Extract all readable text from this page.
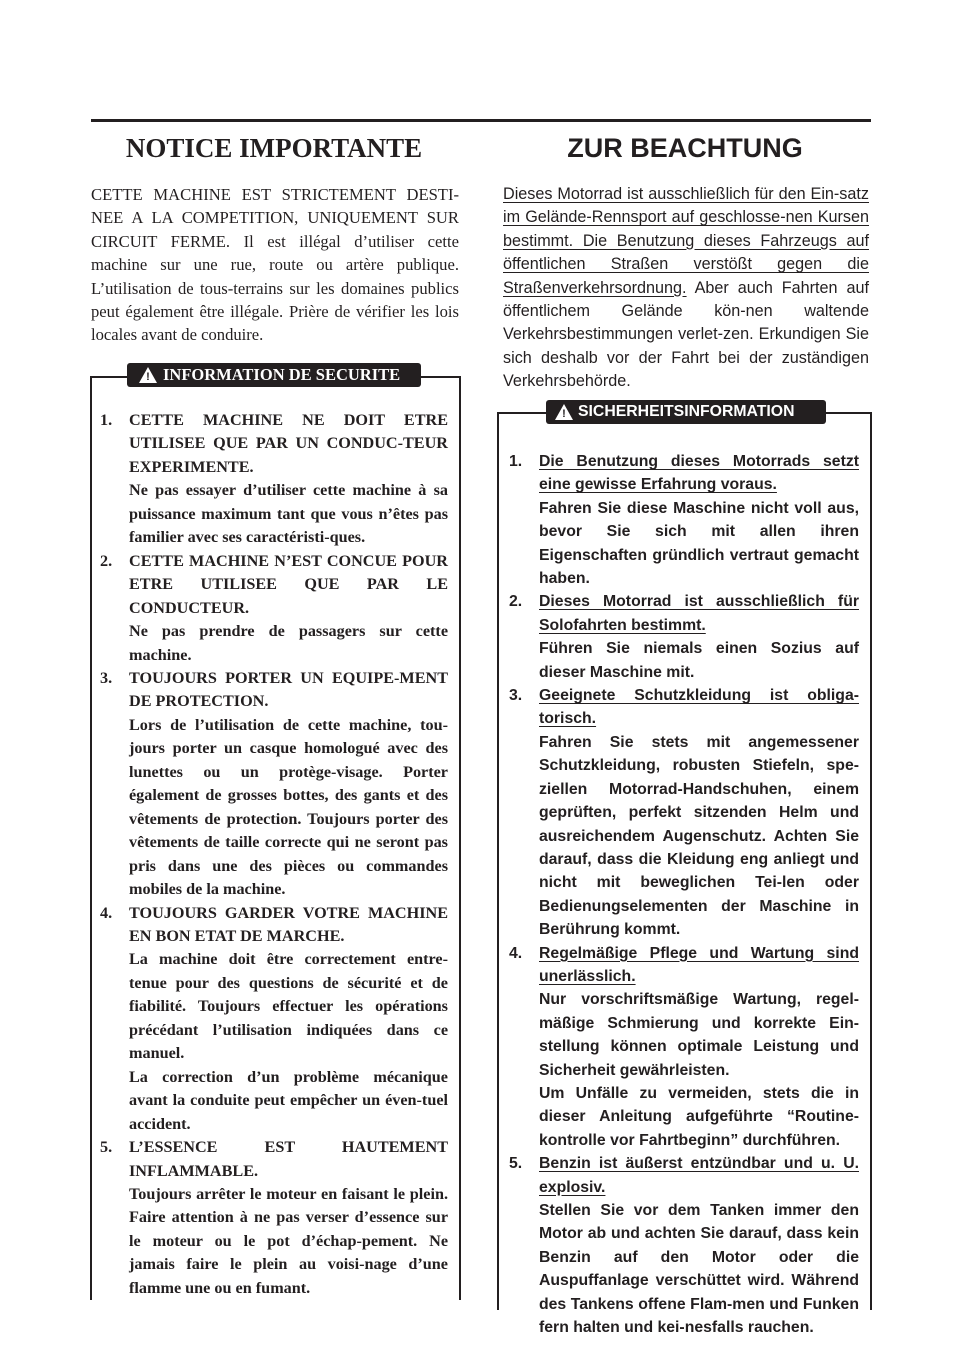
NOTICE IMPORTANTE	ZUR BEACHTUNG

CETTE MACHINE EST STRICTEMENT DESTI-NEE A LA COMPETITION, UNIQUEMENT SUR CIRCUIT FERME. Il est illégal d’utiliser cette machine sur une rue, route ou artère publique. L’utilisation de tous-terrains sur les domaines publics peut également être illégale. Prière de vérifier les lois locales avant de conduire.

Dieses Motorrad ist ausschließlich für den Ein-satz im Gelände-Rennsport auf geschlosse-nen Kursen bestimmt. Die Benutzung dieses Fahrzeugs auf öffentlichen Straßen verstößt gegen die Straßenverkehrsordnung. Aber auch Fahrten auf öffentlichem Gelände kön-nen waltende Verkehrsbestimmungen verlet-zen. Erkundigen Sie sich deshalb vor der Fahrt bei der zuständigen Verkehrsbehörde.

! INFORMATION DE SECURITE
1. CETTE MACHINE NE DOIT ETRE UTILISEE QUE PAR UN CONDUC-TEUR EXPERIMENTE.
Ne pas essayer d’utiliser cette machine à sa puissance maximum tant que vous n’êtes pas familier avec ses caractéristi-ques.
2. CETTE MACHINE N’EST CONCUE POUR ETRE UTILISEE QUE PAR LE CONDUCTEUR.
Ne pas prendre de passagers sur cette machine.
3. TOUJOURS PORTER UN EQUIPE-MENT DE PROTECTION.
Lors de l’utilisation de cette machine, tou-jours porter un casque homologué avec des lunettes ou un protège-visage. Porter également de grosses bottes, des gants et des vêtements de protection. Toujours porter des vêtements de taille correcte qui ne seront pas pris dans une des pièces ou commandes mobiles de la machine.
4. TOUJOURS GARDER VOTRE MACHINE EN BON ETAT DE MARCHE.
La machine doit être correctement entre-tenue pour des questions de sécurité et de fiabilité. Toujours effectuer les opérations précédant l’utilisation indiquées dans ce manuel.
La correction d’un problème mécanique avant la conduite peut empêcher un éven-tuel accident.
5. L’ESSENCE EST HAUTEMENT INFLAMMABLE.
Toujours arrêter le moteur en faisant le plein. Faire attention à ne pas verser d’essence sur le moteur ou le pot d’échap-pement. Ne jamais faire le plein au voisi-nage d’une flamme une ou en fumant.
! SICHERHEITSINFORMATION
1. Die Benutzung dieses Motorrads setzt eine gewisse Erfahrung voraus.
Fahren Sie diese Maschine nicht voll aus, bevor Sie sich mit allen ihren Eigenschaften gründlich vertraut gemacht haben.
2. Dieses Motorrad ist ausschließlich für Solofahrten bestimmt.
Führen Sie niemals einen Sozius auf dieser Maschine mit.
3. Geeignete Schutzkleidung ist obliga-torisch.
Fahren Sie stets mit angemessener Schutzkleidung, robusten Stiefeln, spe-ziellen Motorrad-Handschuhen, einem geprüften, perfekt sitzenden Helm und ausreichendem Augenschutz. Achten Sie darauf, dass die Kleidung eng anliegt und nicht mit beweglichen Tei-len oder Bedienungselementen der Maschine in Berührung kommt.
4. Regelmäßige Pflege und Wartung sind unerlässlich.
Nur vorschriftsmäßige Wartung, regel-mäßige Schmierung und korrekte Ein-stellung können optimale Leistung und Sicherheit gewährleisten.
Um Unfälle zu vermeiden, stets die in dieser Anleitung aufgeführte “Routine-kontrolle vor Fahrtbeginn” durchführen.
5. Benzin ist äußerst entzündbar und u. U. explosiv.
Stellen Sie vor dem Tanken immer den Motor ab und achten Sie darauf, dass kein Benzin auf den Motor oder die Auspuffanlage verschüttet wird. Während des Tankens offene Flam-men und Funken fern halten und kei-nesfalls rauchen.
